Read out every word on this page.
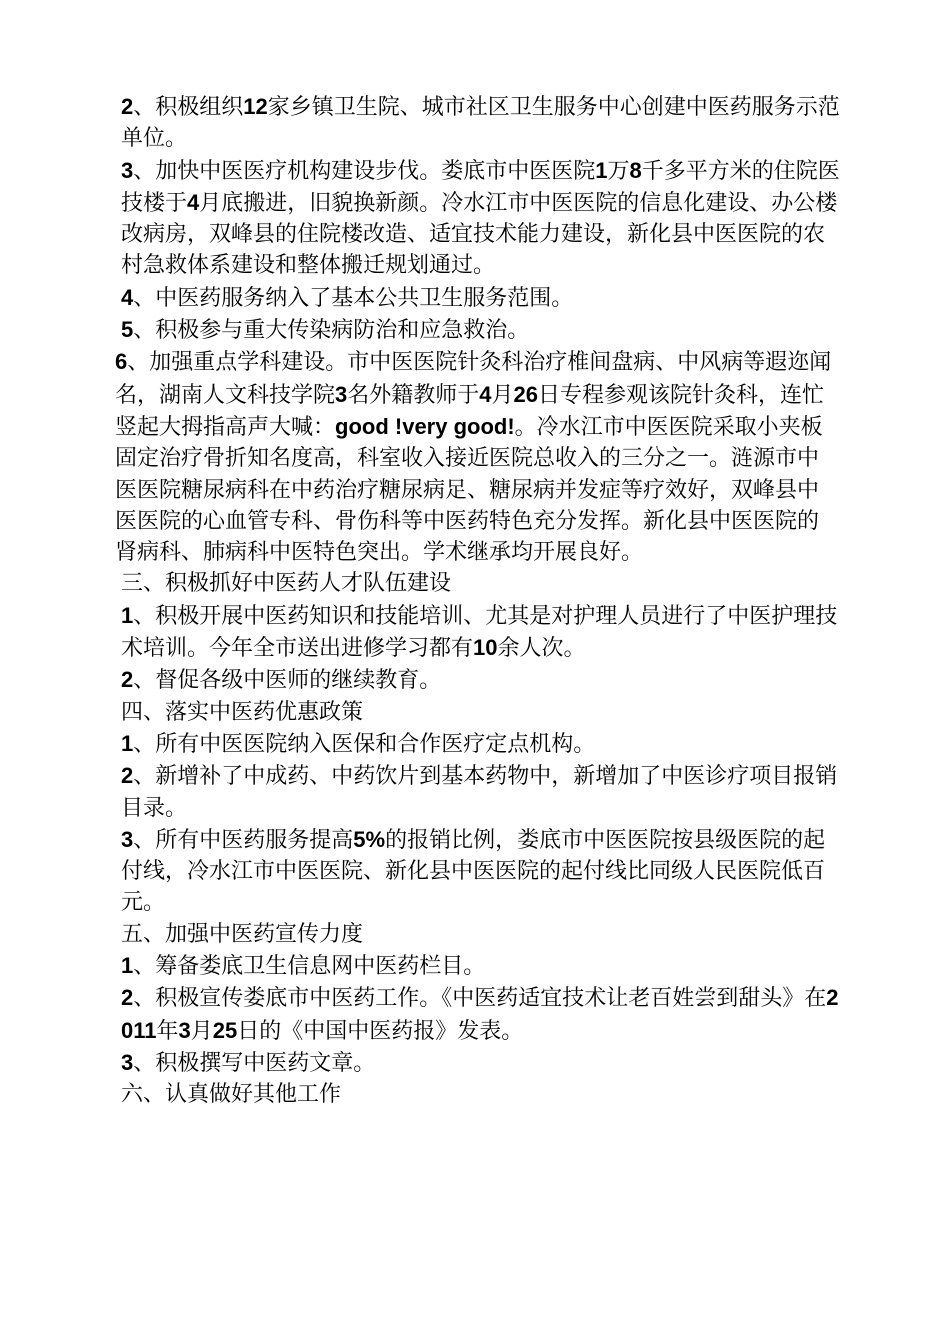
2、积极组织12家乡镇卫生院、城市社区卫生服务中心创建中医药服务示范单位。

3、加快中医医疗机构建设步伐。娄底市中医医院1万8千多平方米的住院医技楼于4月底搬进，旧貌换新颜。冷水江市中医医院的信息化建设、办公楼改病房，双峰县的住院楼改造、适宜技术能力建设，新化县中医医院的农村急救体系建设和整体搬迁规划通过。

4、中医药服务纳入了基本公共卫生服务范围。

5、积极参与重大传染病防治和应急救治。

6、加强重点学科建设。市中医医院针灸科治疗椎间盘病、中风病等遐迩闻名，湖南人文科技学院3名外籍教师于4月26日专程参观该院针灸科，连忙竖起大拇指高声大喊：good !very good!。冷水江市中医医院采取小夹板固定治疗骨折知名度高，科室收入接近医院总收入的三分之一。涟源市中医医院糖尿病科在中药治疗糖尿病足、糖尿病并发症等疗效好，双峰县中医医院的心血管专科、骨伤科等中医药特色充分发挥。新化县中医医院的肾病科、肺病科中医特色突出。学术继承均开展良好。

三、积极抓好中医药人才队伍建设

1、积极开展中医药知识和技能培训、尤其是对护理人员进行了中医护理技术培训。今年全市送出进修学习都有10余人次。

2、督促各级中医师的继续教育。

四、落实中医药优惠政策

1、所有中医医院纳入医保和合作医疗定点机构。

2、新增补了中成药、中药饮片到基本药物中，新增加了中医诊疗项目报销目录。

3、所有中医药服务提高5%的报销比例，娄底市中医医院按县级医院的起付线，冷水江市中医医院、新化县中医医院的起付线比同级人民医院低百元。

五、加强中医药宣传力度

1、筹备娄底卫生信息网中医药栏目。

2、积极宣传娄底市中医药工作。《中医药适宜技术让老百姓尝到甜头》在2011年3月25日的《中国中医药报》发表。

3、积极撰写中医药文章。

六、认真做好其他工作
